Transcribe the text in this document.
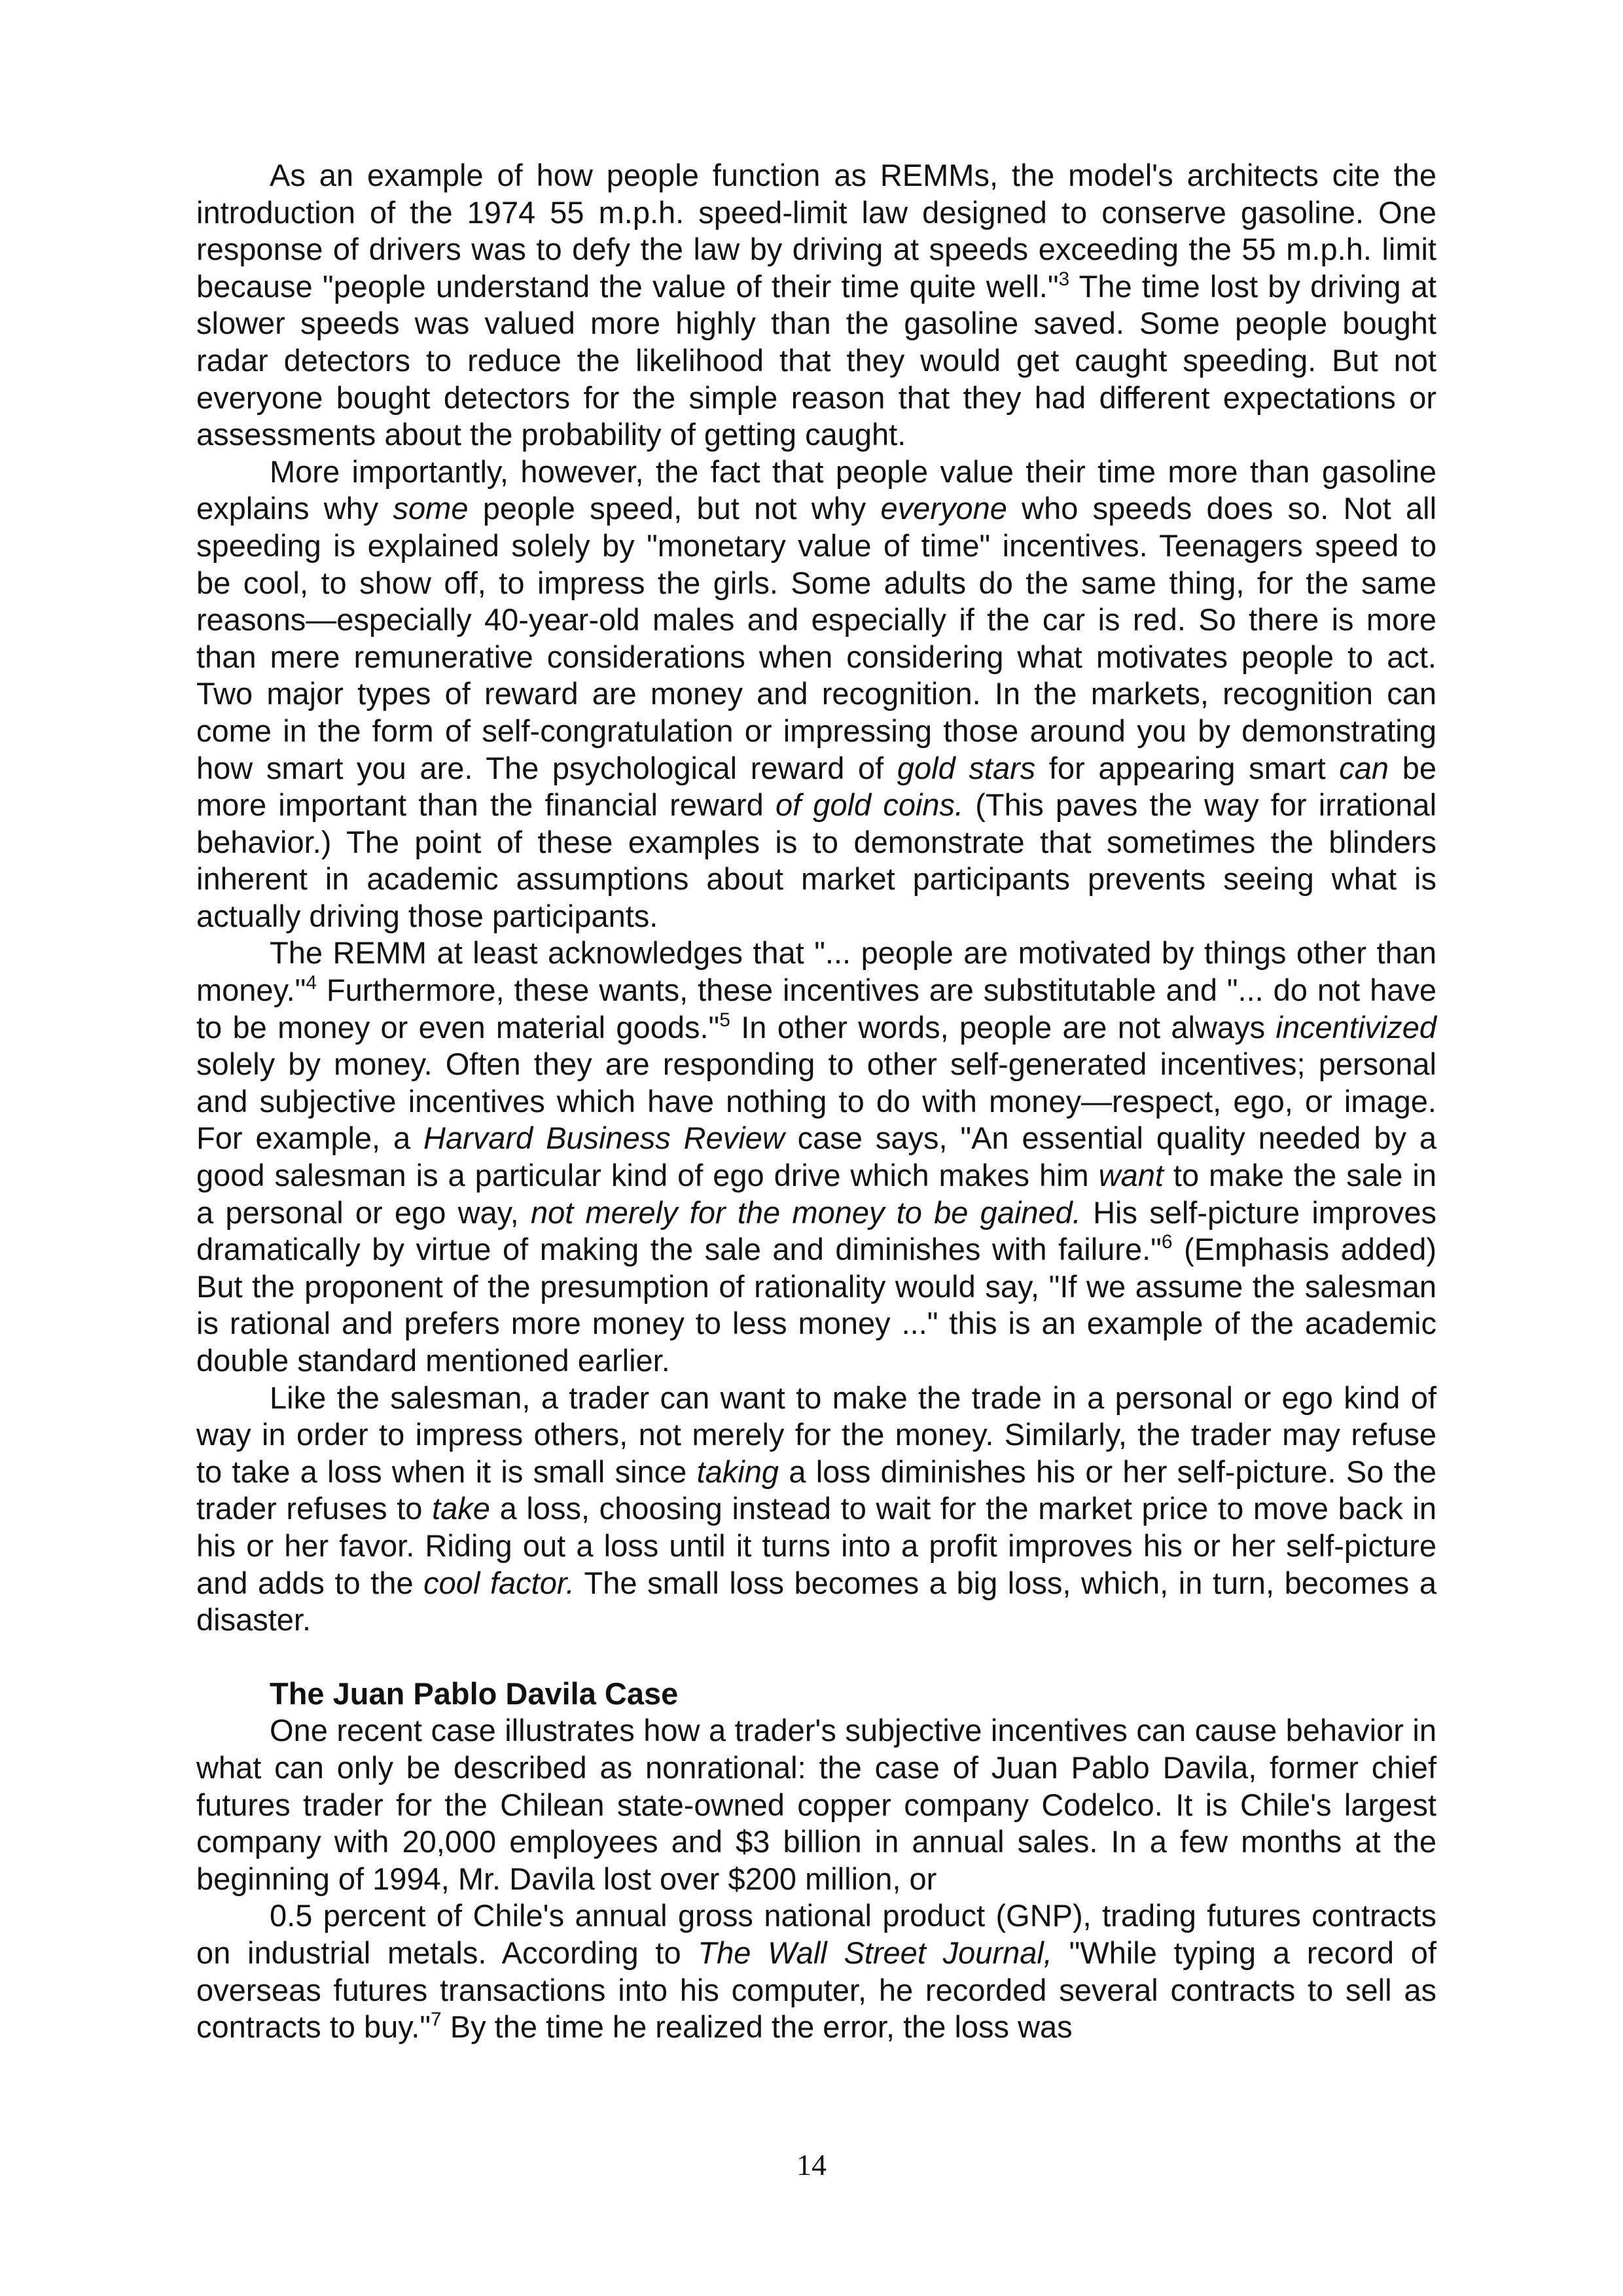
As an example of how people function as REMMs, the model's architects cite the introduction of the 1974 55 m.p.h. speed-limit law designed to conserve gasoline. One response of drivers was to defy the law by driving at speeds exceeding the 55 m.p.h. limit because "people understand the value of their time quite well."$^3$ The time lost by driving at slower speeds was valued more highly than the gasoline saved. Some people bought radar detectors to reduce the likelihood that they would get caught speeding. But not everyone bought detectors for the simple reason that they had different expectations or assessments about the probability of getting caught.

More importantly, however, the fact that people value their time more than gasoline explains why some people speed, but not why everyone who speeds does so. Not all speeding is explained solely by "monetary value of time" incentives. Teenagers speed to be cool, to show off, to impress the girls. Some adults do the same thing, for the same reasons—especially 40-year-old males and especially if the car is red. So there is more than mere remunerative considerations when considering what motivates people to act. Two major types of reward are money and recognition. In the markets, recognition can come in the form of self-congratulation or impressing those around you by demonstrating how smart you are. The psychological reward of gold stars for appearing smart can be more important than the financial reward of gold coins. (This paves the way for irrational behavior.) The point of these examples is to demonstrate that sometimes the blinders inherent in academic assumptions about market participants prevents seeing what is actually driving those participants.

The REMM at least acknowledges that "... people are motivated by things other than money."$^4$ Furthermore, these wants, these incentives are substitutable and "... do not have to be money or even material goods."$^5$ In other words, people are not always incentivized solely by money. Often they are responding to other self-generated incentives; personal and subjective incentives which have nothing to do with money—respect, ego, or image. For example, a Harvard Business Review case says, "An essential quality needed by a good salesman is a particular kind of ego drive which makes him want to make the sale in a personal or ego way, not merely for the money to be gained. His self-picture improves dramatically by virtue of making the sale and diminishes with failure."$^6$ (Emphasis added) But the proponent of the presumption of rationality would say, "If we assume the salesman is rational and prefers more money to less money ..." this is an example of the academic double standard mentioned earlier.

Like the salesman, a trader can want to make the trade in a personal or ego kind of way in order to impress others, not merely for the money. Similarly, the trader may refuse to take a loss when it is small since taking a loss diminishes his or her self-picture. So the trader refuses to take a loss, choosing instead to wait for the market price to move back in his or her favor. Riding out a loss until it turns into a profit improves his or her self-picture and adds to the cool factor. The small loss becomes a big loss, which, in turn, becomes a disaster.

The Juan Pablo Davila Case

One recent case illustrates how a trader's subjective incentives can cause behavior in what can only be described as nonrational: the case of Juan Pablo Davila, former chief futures trader for the Chilean state-owned copper company Codelco. It is Chile's largest company with 20,000 employees and $3 billion in annual sales. In a few months at the beginning of 1994, Mr. Davila lost over $200 million, or

0.5 percent of Chile's annual gross national product (GNP), trading futures contracts on industrial metals. According to The Wall Street Journal, "While typing a record of overseas futures transactions into his computer, he recorded several contracts to sell as contracts to buy."$^7$ By the time he realized the error, the loss was

14
